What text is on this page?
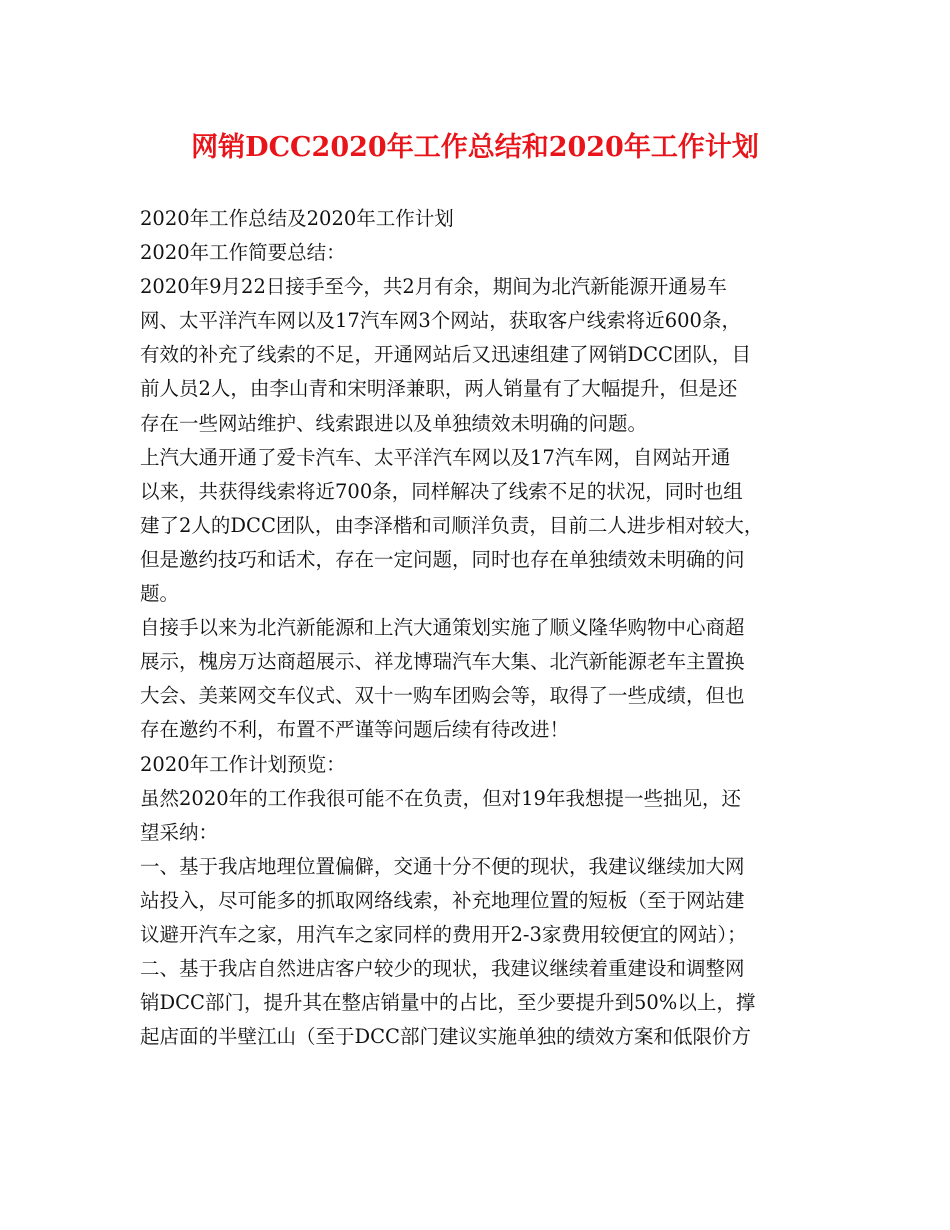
网销DCC2020年工作总结和2020年工作计划
2020年工作总结及2020年工作计划
2020年工作简要总结：
2020年9月22日接手至今，共2月有余，期间为北汽新能源开通易车
网、太平洋汽车网以及17汽车网3个网站，获取客户线索将近600条，
有效的补充了线索的不足，开通网站后又迅速组建了网销DCC团队，目
前人员2人，由李山青和宋明泽兼职，两人销量有了大幅提升，但是还
存在一些网站维护、线索跟进以及单独绩效未明确的问题。
上汽大通开通了爱卡汽车、太平洋汽车网以及17汽车网，自网站开通
以来，共获得线索将近700条，同样解决了线索不足的状况，同时也组
建了2人的DCC团队，由李泽楷和司顺洋负责，目前二人进步相对较大，
但是邀约技巧和话术，存在一定问题，同时也存在单独绩效未明确的问
题。
自接手以来为北汽新能源和上汽大通策划实施了顺义隆华购物中心商超
展示，槐房万达商超展示、祥龙博瑞汽车大集、北汽新能源老车主置换
大会、美莱网交车仪式、双十一购车团购会等，取得了一些成绩，但也
存在邀约不利，布置不严谨等问题后续有待改进！
2020年工作计划预览：
虽然2020年的工作我很可能不在负责，但对19年我想提一些拙见，还
望采纳：
一、基于我店地理位置偏僻，交通十分不便的现状，我建议继续加大网
站投入，尽可能多的抓取网络线索，补充地理位置的短板（至于网站建
议避开汽车之家，用汽车之家同样的费用开2-3家费用较便宜的网站）；
二、基于我店自然进店客户较少的现状，我建议继续着重建设和调整网
销DCC部门，提升其在整店销量中的占比，至少要提升到50%以上，撑
起店面的半壁江山（至于DCC部门建议实施单独的绩效方案和低限价方
